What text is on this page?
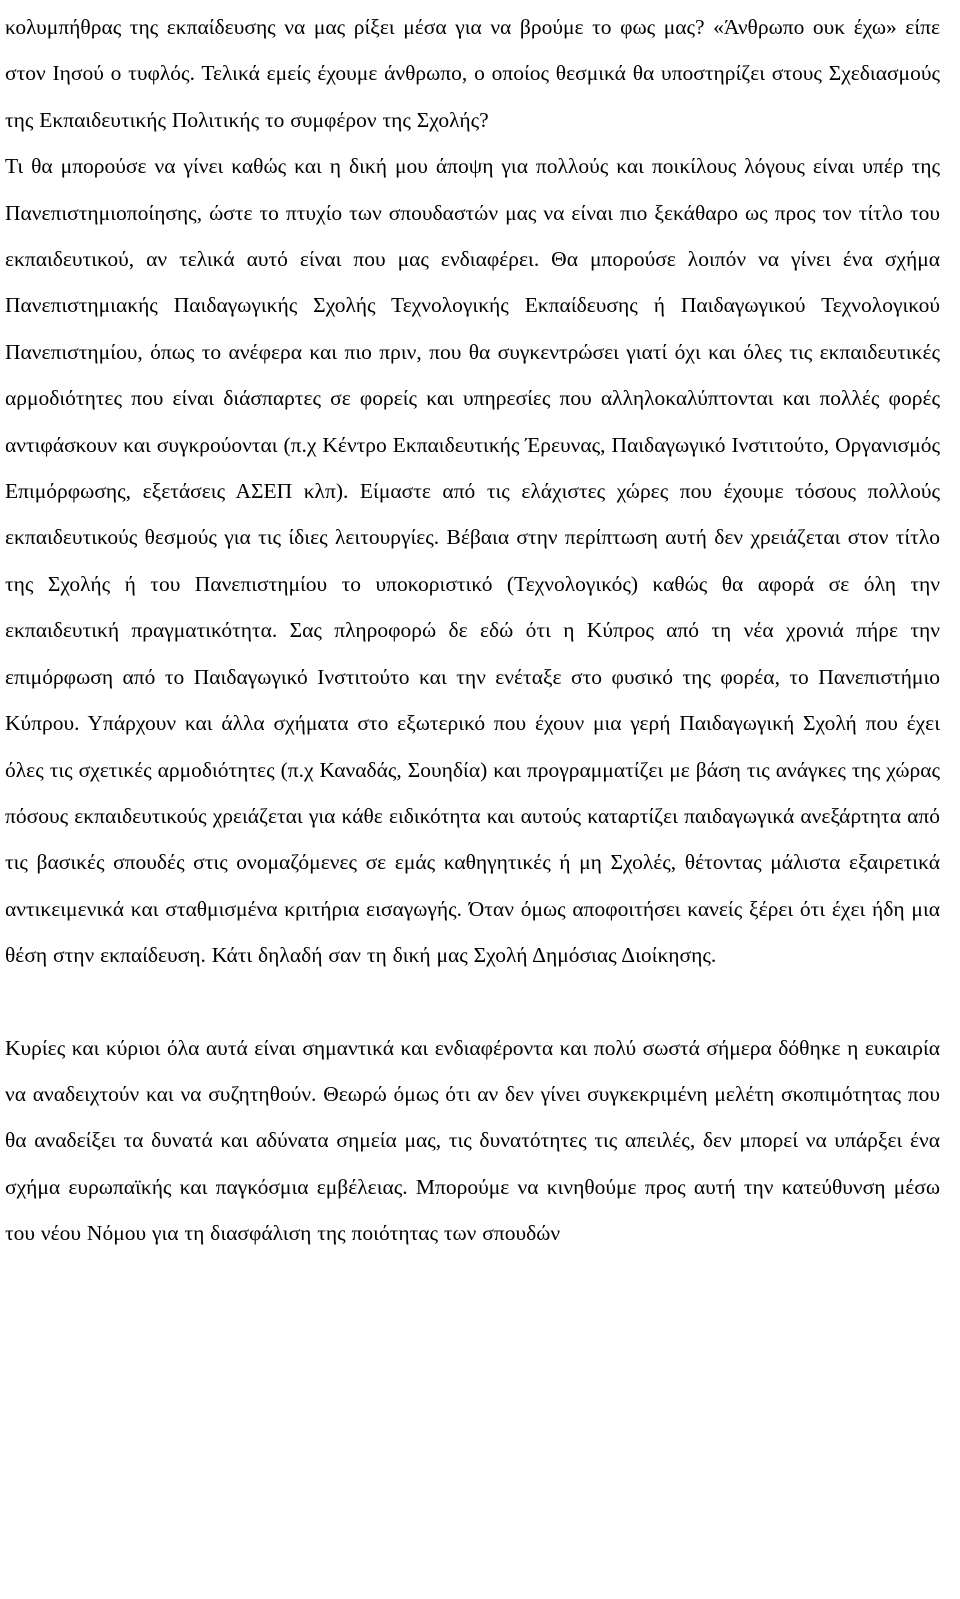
κολυμπήθρας της εκπαίδευσης να μας ρίξει μέσα για να βρούμε το φως μας? «Άνθρωπο ουκ έχω» είπε στον Ιησού ο τυφλός. Τελικά εμείς έχουμε άνθρωπο, ο οποίος θεσμικά θα υποστηρίζει στους Σχεδιασμούς της Εκπαιδευτικής Πολιτικής το συμφέρον της Σχολής?

Τι θα μπορούσε να γίνει καθώς και η δική μου άποψη για πολλούς και ποικίλους λόγους είναι υπέρ της Πανεπιστημιοποίησης, ώστε το πτυχίο των σπουδαστών μας να είναι πιο ξεκάθαρο ως προς τον τίτλο του εκπαιδευτικού, αν τελικά αυτό είναι που μας ενδιαφέρει. Θα μπορούσε λοιπόν να γίνει ένα σχήμα Πανεπιστημιακής Παιδαγωγικής Σχολής Τεχνολογικής Εκπαίδευσης ή Παιδαγωγικού Τεχνολογικού Πανεπιστημίου, όπως το ανέφερα και πιο πριν, που θα συγκεντρώσει γιατί όχι και όλες τις εκπαιδευτικές αρμοδιότητες που είναι διάσπαρτες σε φορείς και υπηρεσίες που αλληλοκαλύπτονται και πολλές φορές αντιφάσκουν και συγκρούονται (π.χ Κέντρο Εκπαιδευτικής Έρευνας, Παιδαγωγικό Ινστιτούτο, Οργανισμός Επιμόρφωσης, εξετάσεις ΑΣΕΠ κλπ). Είμαστε από τις ελάχιστες χώρες που έχουμε τόσους πολλούς εκπαιδευτικούς θεσμούς για τις ίδιες λειτουργίες. Βέβαια στην περίπτωση αυτή δεν χρειάζεται στον τίτλο της Σχολής ή του Πανεπιστημίου το υποκοριστικό (Τεχνολογικός) καθώς θα αφορά σε όλη την εκπαιδευτική πραγματικότητα. Σας πληροφορώ δε εδώ ότι η Κύπρος από τη νέα χρονιά πήρε την επιμόρφωση από το Παιδαγωγικό Ινστιτούτο και την ενέταξε στο φυσικό της φορέα, το Πανεπιστήμιο Κύπρου. Υπάρχουν και άλλα σχήματα στο εξωτερικό που έχουν μια γερή Παιδαγωγική Σχολή που έχει όλες τις σχετικές αρμοδιότητες (π.χ Καναδάς, Σουηδία) και προγραμματίζει με βάση τις ανάγκες της χώρας πόσους εκπαιδευτικούς χρειάζεται για κάθε ειδικότητα και αυτούς καταρτίζει παιδαγωγικά ανεξάρτητα από τις βασικές σπουδές στις ονομαζόμενες σε εμάς καθηγητικές ή μη Σχολές, θέτοντας μάλιστα εξαιρετικά αντικειμενικά και σταθμισμένα κριτήρια εισαγωγής. Όταν όμως αποφοιτήσει κανείς ξέρει ότι έχει ήδη μια θέση στην εκπαίδευση. Κάτι δηλαδή σαν τη δική μας Σχολή Δημόσιας Διοίκησης.

Κυρίες και κύριοι όλα αυτά είναι σημαντικά και ενδιαφέροντα και πολύ σωστά σήμερα δόθηκε η ευκαιρία να αναδειχτούν και να συζητηθούν. Θεωρώ όμως ότι αν δεν γίνει συγκεκριμένη μελέτη σκοπιμότητας που θα αναδείξει τα δυνατά και αδύνατα σημεία μας, τις δυνατότητες τις απειλές, δεν μπορεί να υπάρξει ένα σχήμα ευρωπαϊκής και παγκόσμια εμβέλειας. Μπορούμε να κινηθούμε προς αυτή την κατεύθυνση μέσω του νέου Νόμου για τη διασφάλιση της ποιότητας των σπουδών
